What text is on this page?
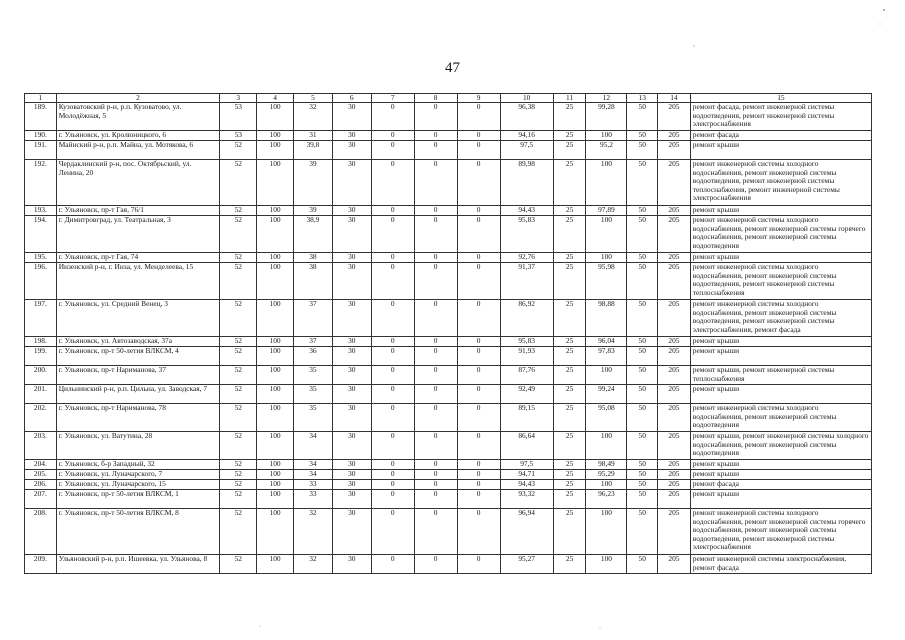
47
1	2	3	4	5	6	7	8	9	10	11	12	13	14	15
189.	Кузоватовский р-н, р.п. Кузоватово, ул. Молодёжная, 5	53	100	32	30	0	0	0	96,38	25	99,28	50	205	ремонт фасада, ремонт инженерной системы водоотведения, ремонт инженерной системы электроснабжения
190.	г. Ульяновск, ул. Кролюницкого, 6	53	100	31	30	0	0	0	94,16	25	100	50	205	ремонт фасада
191.	Майнский р-н, р.п. Майна, ул. Мотякова, 6	52	100	39,8	30	0	0	0	97,5	25	95,2	50	205	ремонт крыши
192.	Чердаклинский р-н, пос. Октябрьский, ул. Ленина, 20	52	100	39	30	0	0	0	89,98	25	100	50	205	ремонт инженерной системы холодного водоснабжения, ремонт инженерной системы водоотведения, ремонт инженерной системы теплоснабжения, ремонт инженерной системы электроснабжения
193.	г. Ульяновск, пр-т Гая, 76/1	52	100	39	30	0	0	0	94,43	25	97,89	50	205	ремонт крыши
194.	г. Димитровград, ул. Театральная, 3	52	100	38,9	30	0	0	0	95,83	25	100	50	205	ремонт инженерной системы холодного водоснабжения, ремонт инженерной системы горячего водоснабжения, ремонт инженерной системы водоотведения
195.	г. Ульяновск, пр-т Гая, 74	52	100	38	30	0	0	0	92,76	25	100	50	205	ремонт крыши
196.	Инзенский р-н, г. Инза, ул. Менделеева, 15	52	100	38	30	0	0	0	91,37	25	95,98	50	205	ремонт инженерной системы холодного водоснабжения, ремонт инженерной системы водоотведения, ремонт инженерной системы теплоснабжения
197.	г. Ульяновск, ул. Средний Венец, 3	52	100	37	30	0	0	0	86,92	25	98,88	50	205	ремонт инженерной системы холодного водоснабжения, ремонт инженерной системы водоотведения, ремонт инженерной системы электроснабжения, ремонт фасада
198.	г. Ульяновск, ул. Автозаводская, 37а	52	100	37	30	0	0	0	95,83	25	96,04	50	205	ремонт крыши
199.	г. Ульяновск, пр-т 50-летия ВЛКСМ, 4	52	100	36	30	0	0	0	91,93	25	97,83	50	205	ремонт крыши
200.	г. Ульяновск, пр-т Нариманова, 37	52	100	35	30	0	0	0	87,76	25	100	50	205	ремонт крыши, ремонт инженерной системы теплоснабжения
201.	Цильнинский р-н, р.п. Цильна, ул. Заводская, 7	52	100	35	30	0	0	0	92,49	25	99,24	50	205	ремонт крыши
202.	г. Ульяновск, пр-т Нариманова, 78	52	100	35	30	0	0	0	89,15	25	95,08	50	205	ремонт инженерной системы холодного водоснабжения, ремонт инженерной системы водоотведения
203.	г. Ульяновск, ул. Ватутина, 28	52	100	34	30	0	0	0	86,64	25	100	50	205	ремонт крыши, ремонт инженерной системы холодного водоснабжения, ремонт инженерной системы водоотведения
204.	г. Ульяновск, б-р Западный, 32	52	100	34	30	0	0	0	97,5	25	98,49	50	205	ремонт крыши
205.	г. Ульяновск, ул. Луначарского, 7	52	100	34	30	0	0	0	94,71	25	95,29	50	205	ремонт крыши
206.	г. Ульяновск, ул. Луначарского, 15	52	100	33	30	0	0	0	94,43	25	100	50	205	ремонт фасада
207.	г. Ульяновск, пр-т 50-летия ВЛКСМ, 1	52	100	33	30	0	0	0	93,32	25	96,23	50	205	ремонт крыши
208.	г. Ульяновск, пр-т 50-летия ВЛКСМ, 8	52	100	32	30	0	0	0	96,94	25	100	50	205	ремонт инженерной системы холодного водоснабжения, ремонт инженерной системы горячего водоснабжения, ремонт инженерной системы водоотведения, ремонт инженерной системы электроснабжения
209.	Ульяновский р-н, р.п. Ишеевка, ул. Ульянова, 8	52	100	32	30	0	0	0	95,27	25	100	50	205	ремонт инженерной системы электроснабжения, ремонт фасада
